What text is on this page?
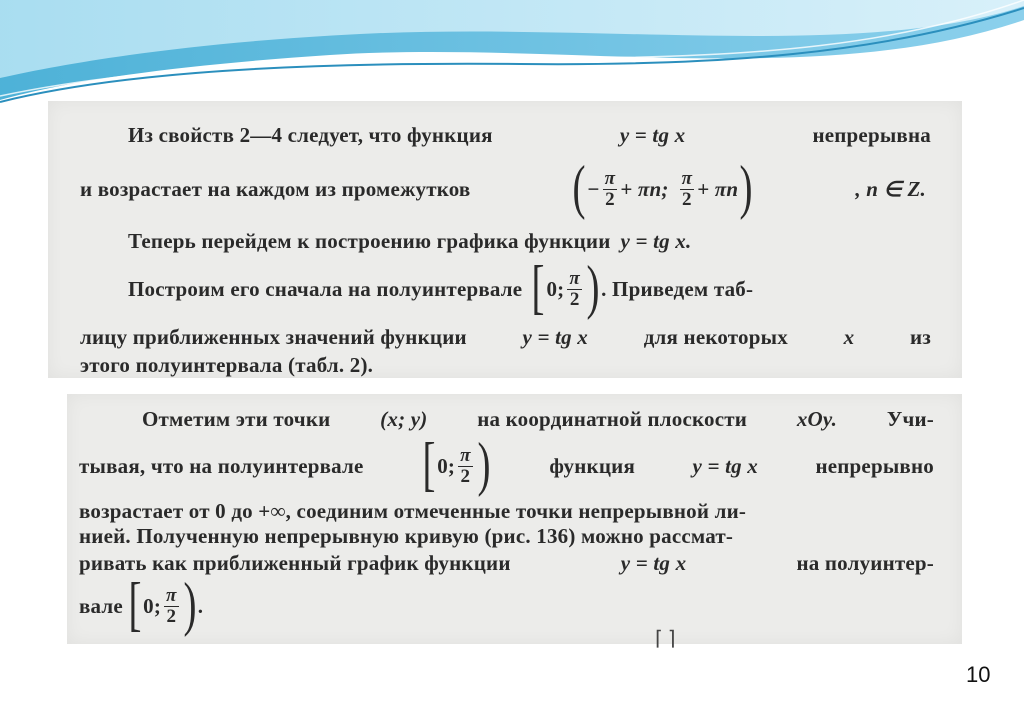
Из свойств 2—4 следует, что функция	y = tg x	непрерывна
и возрастает на каждом из промежутков ( − $\frac{\pi}{2} + \pi n$; $\frac{\pi}{2} + \pi n$ )	, n ∈ Z.
Теперь перейдем к построению графика функции y = tg x.
Построим его сначала на полуинтервале [ 0; $\frac{\pi}{2}$ ) . Приведем таб-
лицу приближенных значений функции	y = tg x	для некоторых	x	из
этого полуинтервала (табл. 2).
Отметим эти точки (x; y) на координатной плоскости xOy. Учи-
тывая, что на полуинтервале [ 0; $\frac{\pi}{2}$ )	функция	y = tg x	непрерывно
возрастает от 0 до +∞, соединим отмеченные точки непрерывной ли-
нией. Полученную непрерывную кривую (рис. 136) можно рассмат-
ривать как приближенный график функции	y = tg x	на полуинтер-
вале [ 0; $\frac{\pi}{2}$ ) .
⌈ ⌉
10
